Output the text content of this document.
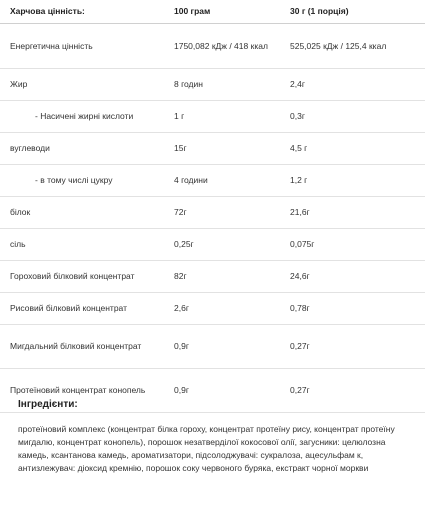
Харчова цінність:	100 грам	30 г (1 порція)
Енергетична цінність	1750,082 кДж / 418 ккал	525,025 кДж / 125,4 ккал
Жир	8 годин	2,4г
- Насичені жирні кислоти	1 г	0,3г
вуглеводи	15г	4,5 г
- в тому числі цукру	4 години	1,2 г
білок	72г	21,6г
сіль	0,25г	0,075г
Гороховий білковий концентрат	82г	24,6г
Рисовий білковий концентрат	2,6г	0,78г
Мигдальний білковий концентрат	0,9г	0,27г
Протеїновий концентрат конопель	0,9г	0,27г
Інгредієнти:

протеїновий комплекс (концентрат білка гороху, концентрат протеїну рису, концентрат протеїну мигдалю, концентрат конопель), порошок незатверділої кокосової олії, загусники: целюлозна камедь, ксантанова камедь, ароматизатори, підсолоджувачі: сукралоза, ацесульфам к, антизлежувач: діоксид кремнію, порошок соку червоного буряка, екстракт чорної моркви
